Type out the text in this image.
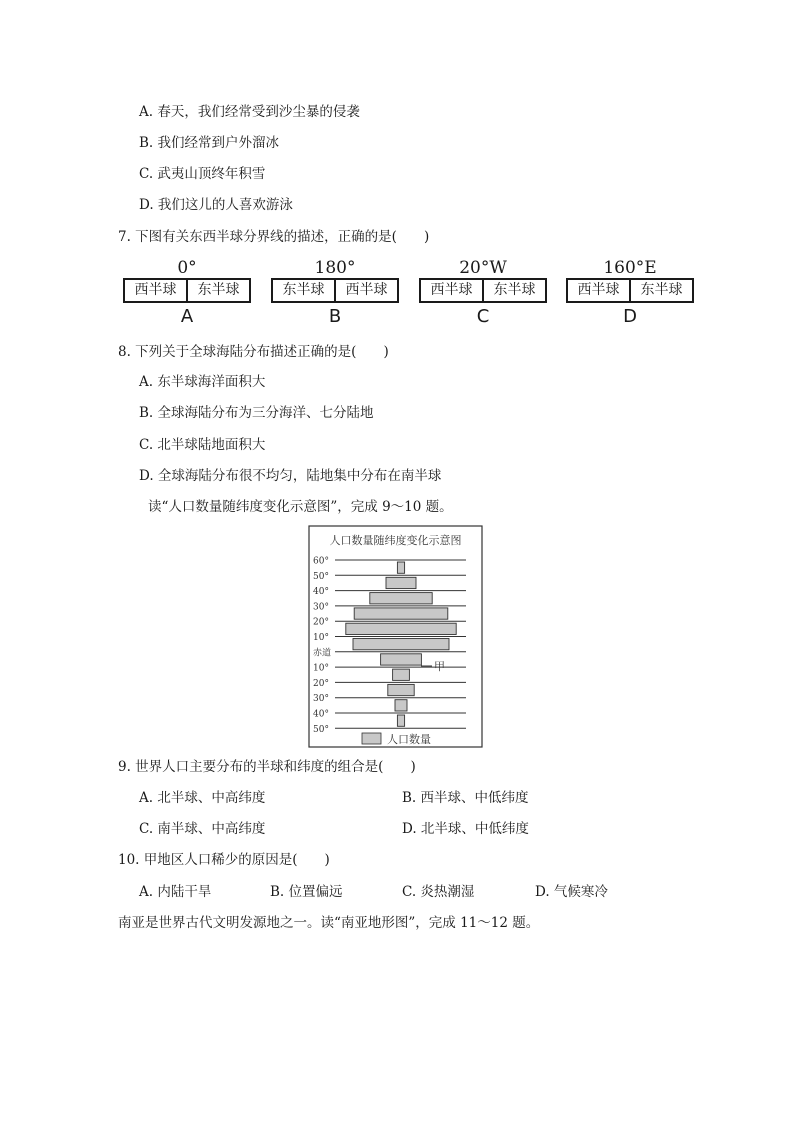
A. 春天，我们经常受到沙尘暴的侵袭
B. 我们经常到户外溜冰
C. 武夷山顶终年积雪
D. 我们这儿的人喜欢游泳
7. 下图有关东西半球分界线的描述，正确的是(　　)
0°
西半球	东半球
A
180°
东半球	西半球
B
20°W
西半球	东半球
C
160°E
西半球	东半球
D
8. 下列关于全球海陆分布描述正确的是(　　)
A. 东半球海洋面积大
B. 全球海陆分布为三分海洋、七分陆地
C. 北半球陆地面积大
D. 全球海陆分布很不均匀，陆地集中分布在南半球
读“人口数量随纬度变化示意图”，完成 9～10 题。
人口数量随纬度变化示意图
60°
50°
40°
30°
20°
10°
赤道
10°
20°
30°
40°
50°
甲
人口数量
9. 世界人口主要分布的半球和纬度的组合是(　　)
A. 北半球、中高纬度	B. 西半球、中低纬度
C. 南半球、中高纬度	D. 北半球、中低纬度
10. 甲地区人口稀少的原因是(　　)
A. 内陆干旱	B. 位置偏远	C. 炎热潮湿	D. 气候寒冷
南亚是世界古代文明发源地之一。读“南亚地形图”，完成 11～12 题。
